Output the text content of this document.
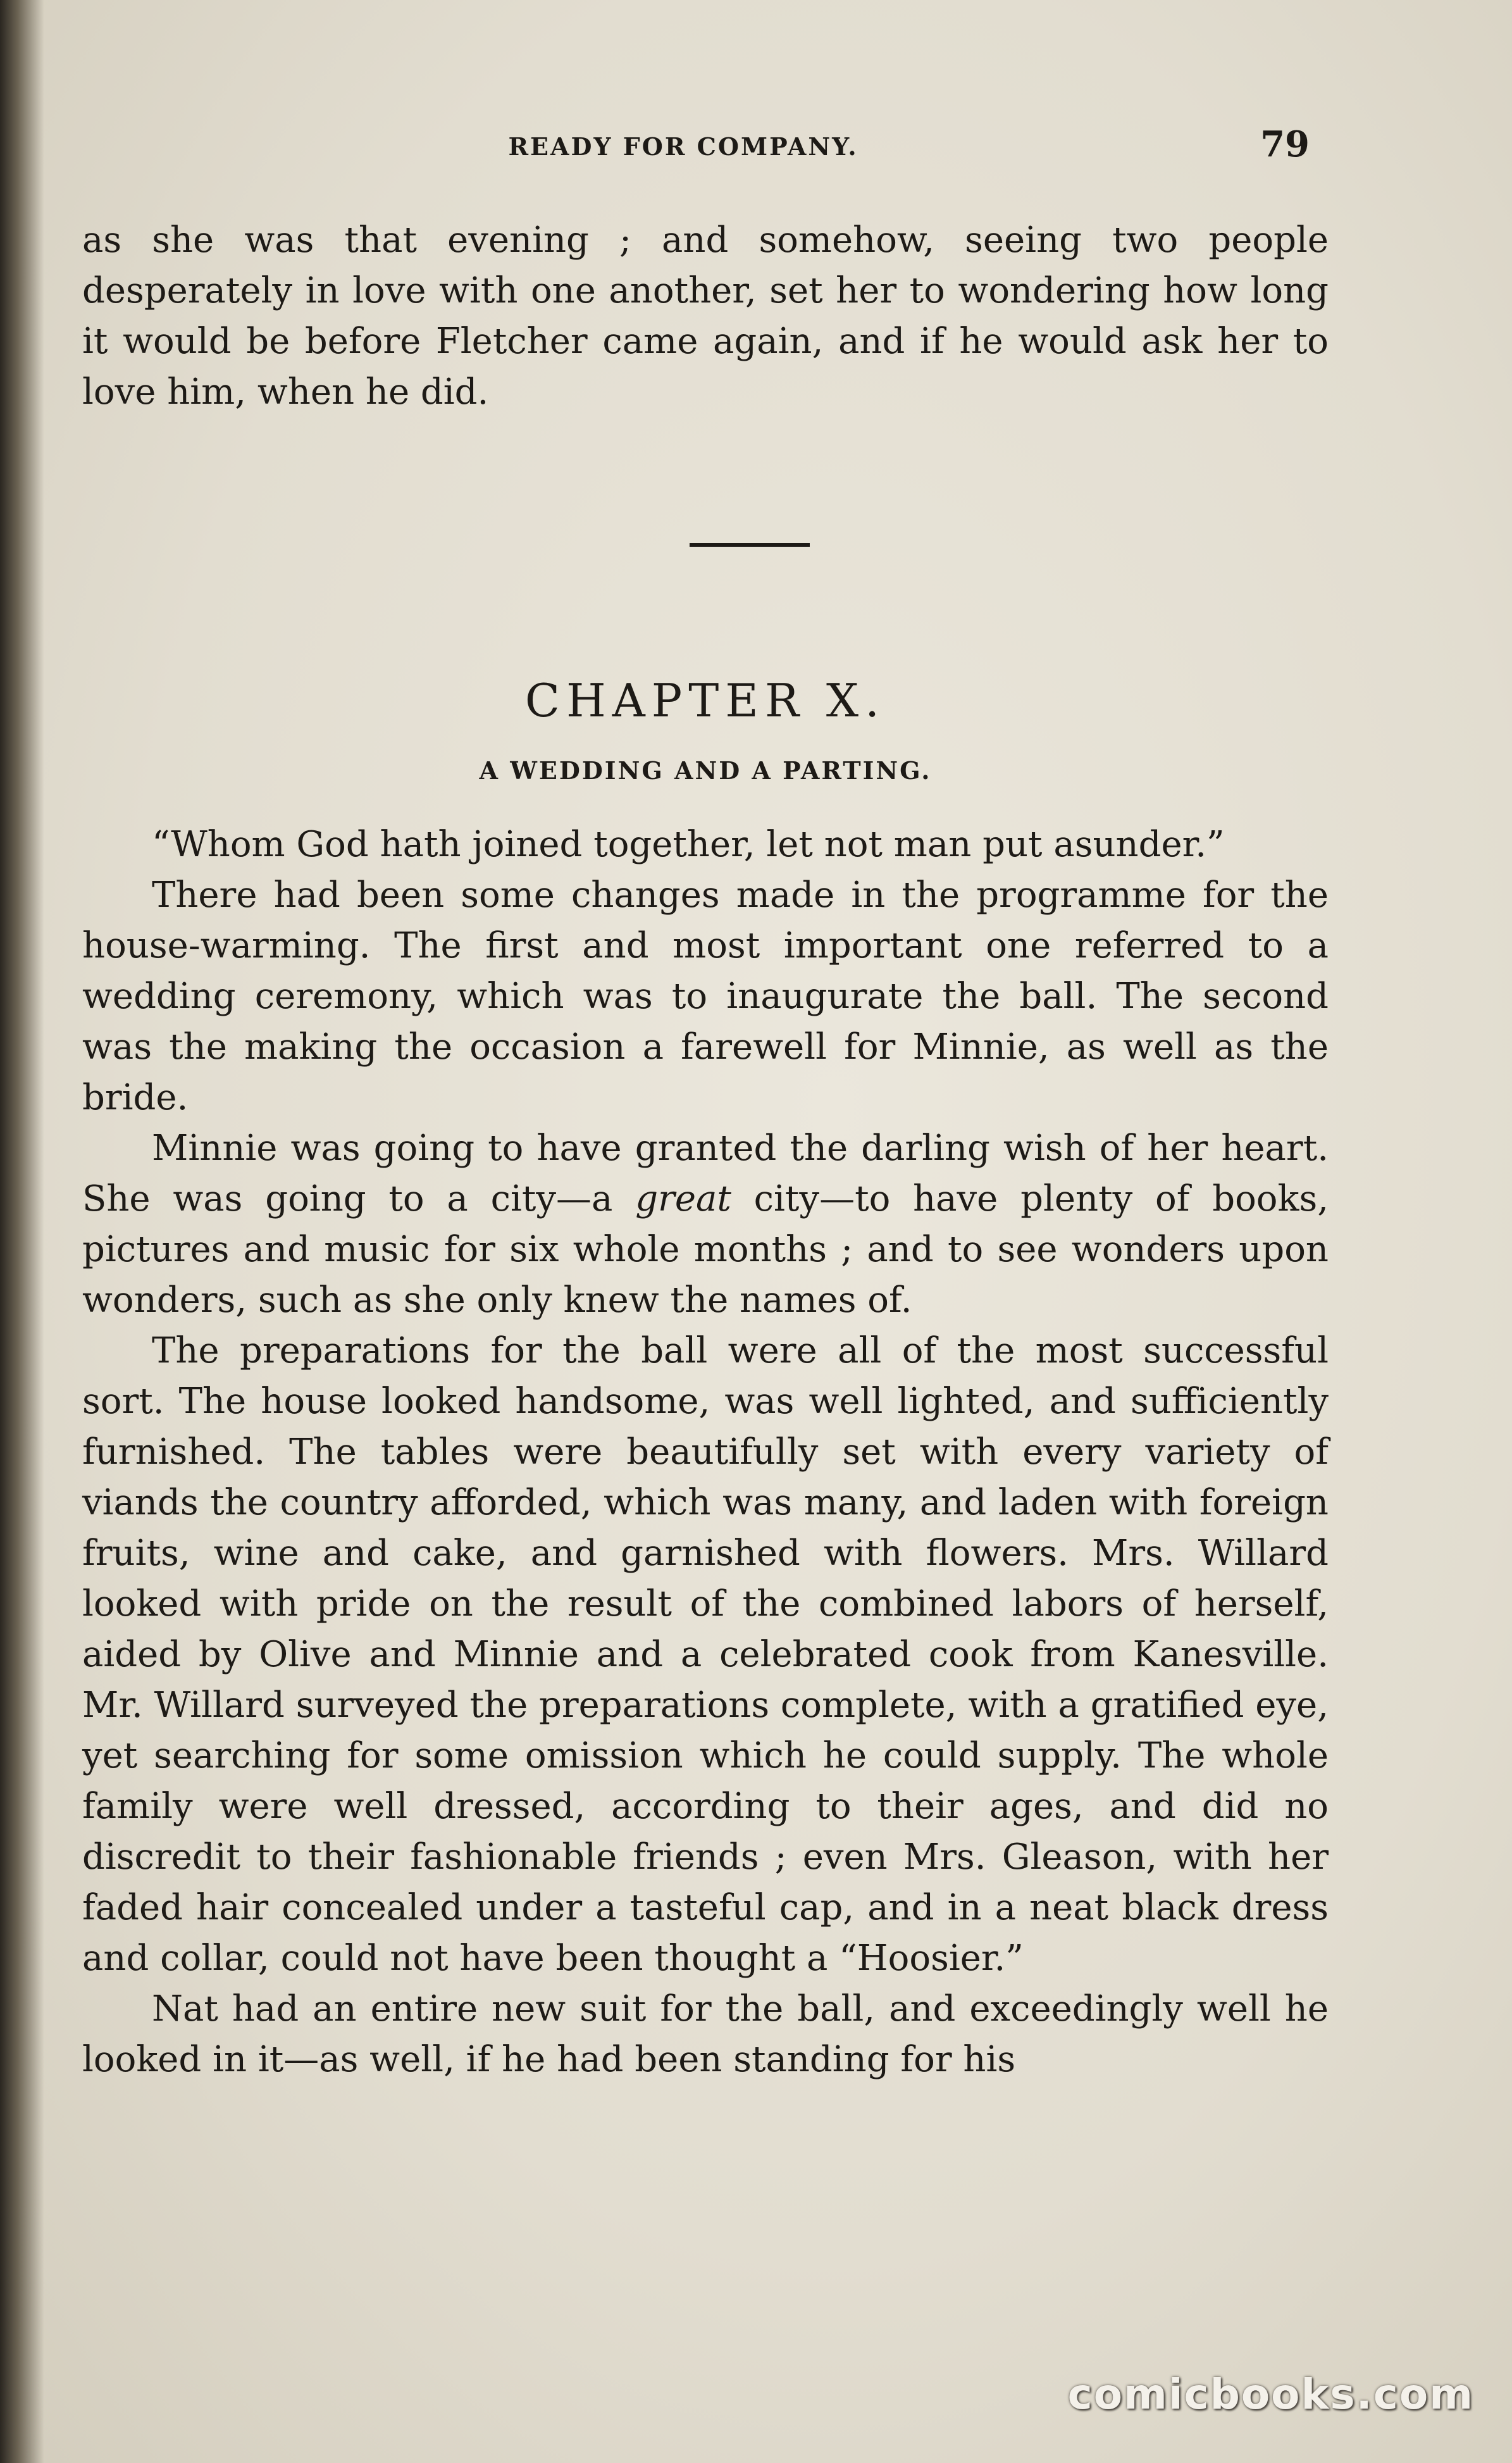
READY FOR COMPANY.	79

as she was that evening ; and somehow, seeing two people desperately in love with one another, set her to wondering how long it would be before Fletcher came again, and if he would ask her to love him, when he did.

CHAPTER X.
A WEDDING AND A PARTING.

“Whom God hath joined together, let not man put asunder.”

There had been some changes made in the programme for the house-warming. The first and most important one referred to a wedding ceremony, which was to inaugurate the ball. The second was the making the occasion a farewell for Minnie, as well as the bride.

Minnie was going to have granted the darling wish of her heart. She was going to a city—a great city—to have plenty of books, pictures and music for six whole months ; and to see wonders upon wonders, such as she only knew the names of.

The preparations for the ball were all of the most successful sort. The house looked handsome, was well lighted, and sufficiently furnished. The tables were beautifully set with every variety of viands the country afforded, which was many, and laden with foreign fruits, wine and cake, and garnished with flowers. Mrs. Willard looked with pride on the result of the combined labors of herself, aided by Olive and Minnie and a celebrated cook from Kanesville. Mr. Willard surveyed the preparations complete, with a gratified eye, yet searching for some omission which he could supply. The whole family were well dressed, according to their ages, and did no discredit to their fashionable friends ; even Mrs. Gleason, with her faded hair concealed under a tasteful cap, and in a neat black dress and collar, could not have been thought a “Hoosier.”

Nat had an entire new suit for the ball, and exceedingly well he looked in it—as well, if he had been standing for his

comicbooks.com
